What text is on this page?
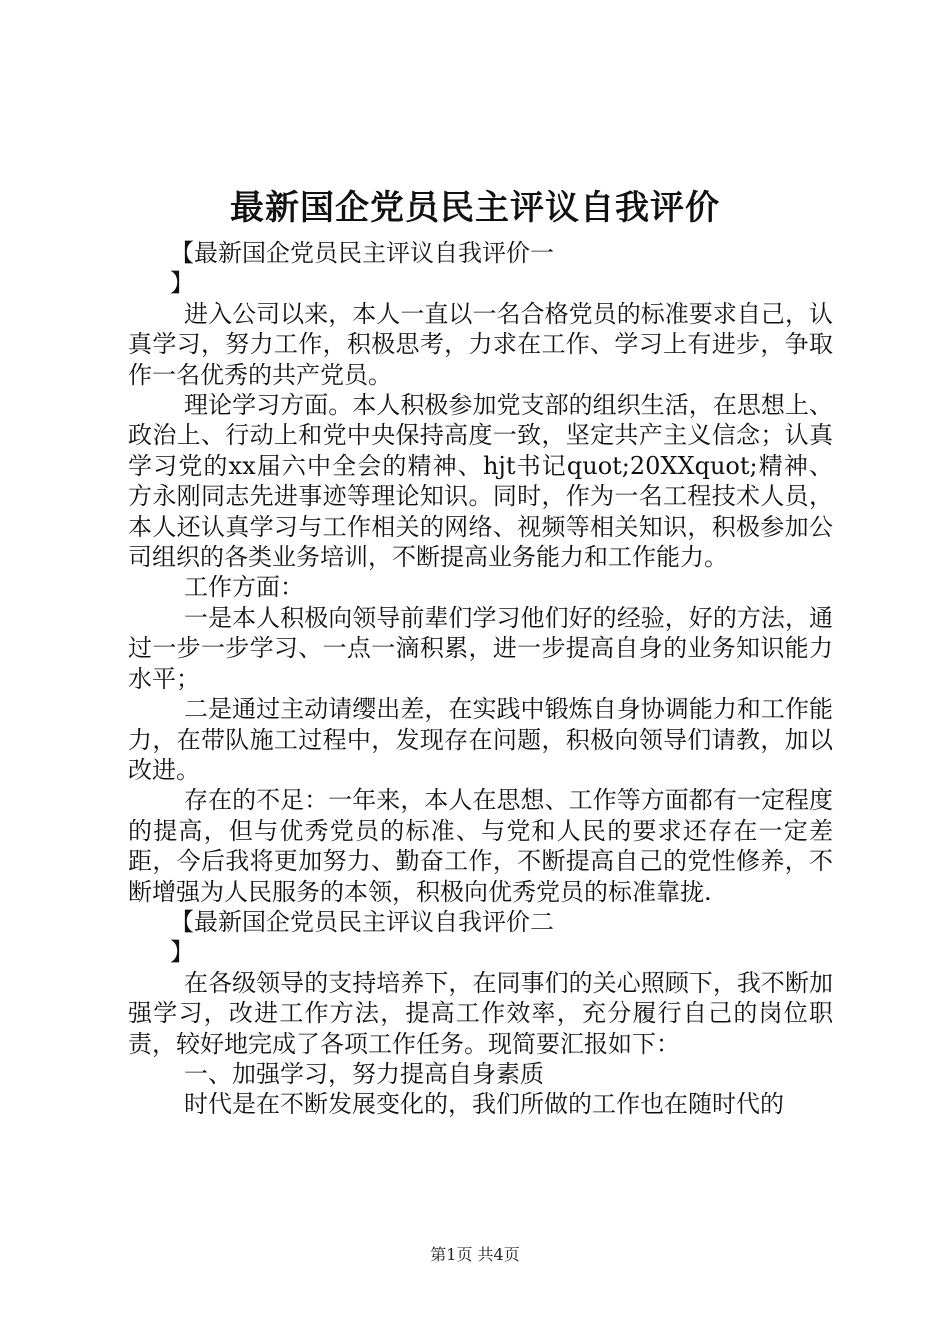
最新国企党员民主评议自我评价
【最新国企党员民主评议自我评价一
】

进入公司以来，本人一直以一名合格党员的标准要求自己，认真学习，努力工作，积极思考，力求在工作、学习上有进步，争取作一名优秀的共产党员。

理论学习方面。本人积极参加党支部的组织生活，在思想上、政治上、行动上和党中央保持高度一致，坚定共产主义信念；认真学习党的xx届六中全会的精神、hjt书记quot;20XXquot;精神、方永刚同志先进事迹等理论知识。同时，作为一名工程技术人员，本人还认真学习与工作相关的网络、视频等相关知识，积极参加公司组织的各类业务培训，不断提高业务能力和工作能力。

工作方面：

一是本人积极向领导前辈们学习他们好的经验，好的方法，通过一步一步学习、一点一滴积累，进一步提高自身的业务知识能力水平；

二是通过主动请缨出差，在实践中锻炼自身协调能力和工作能力，在带队施工过程中，发现存在问题，积极向领导们请教，加以改进。

存在的不足：一年来，本人在思想、工作等方面都有一定程度的提高，但与优秀党员的标准、与党和人民的要求还存在一定差距，今后我将更加努力、勤奋工作，不断提高自己的党性修养，不断增强为人民服务的本领，积极向优秀党员的标准靠拢.

【最新国企党员民主评议自我评价二
】

在各级领导的支持培养下，在同事们的关心照顾下，我不断加强学习，改进工作方法，提高工作效率，充分履行自己的岗位职责，较好地完成了各项工作任务。现简要汇报如下：

一、加强学习，努力提高自身素质

时代是在不断发展变化的，我们所做的工作也在随时代的

第1页 共4页
